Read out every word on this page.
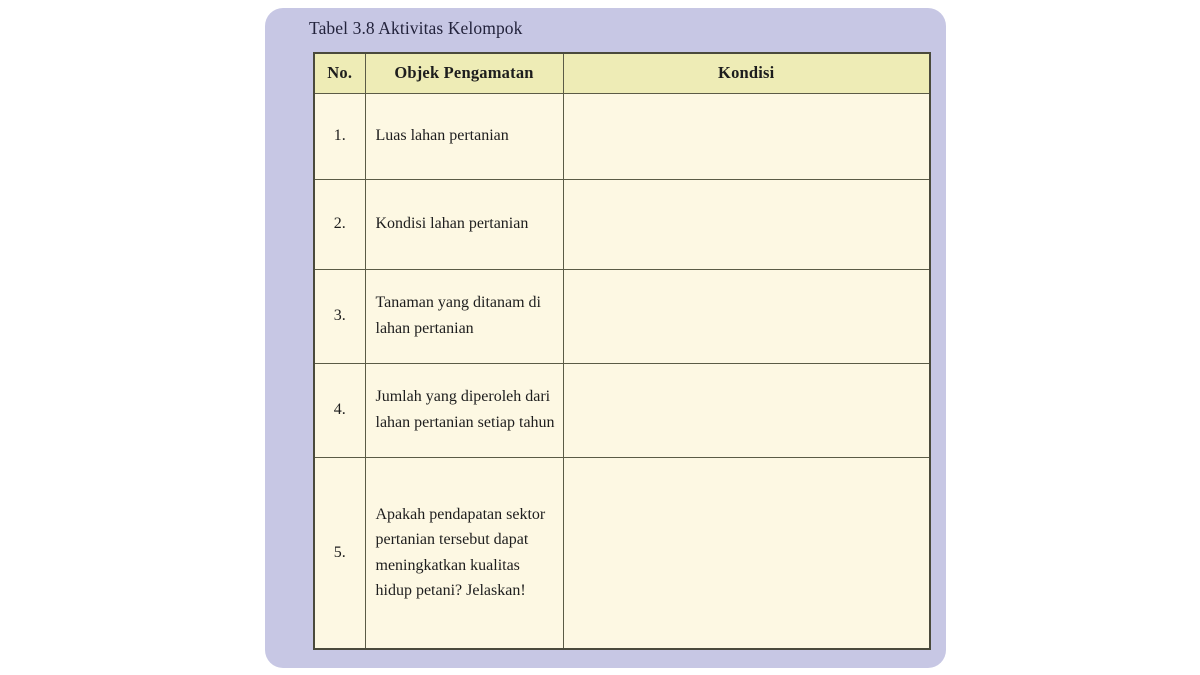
Tabel 3.8 Aktivitas Kelompok
No.	Objek Pengamatan	Kondisi
1.	Luas lahan pertanian	

2.	Kondisi lahan pertanian	

3.	Tanaman yang ditanam di lahan pertanian	

4.	Jumlah yang diperoleh dari lahan pertanian setiap tahun	

5.	Apakah pendapatan sektor pertanian tersebut dapat meningkatkan kualitas hidup petani? Jelaskan!	
